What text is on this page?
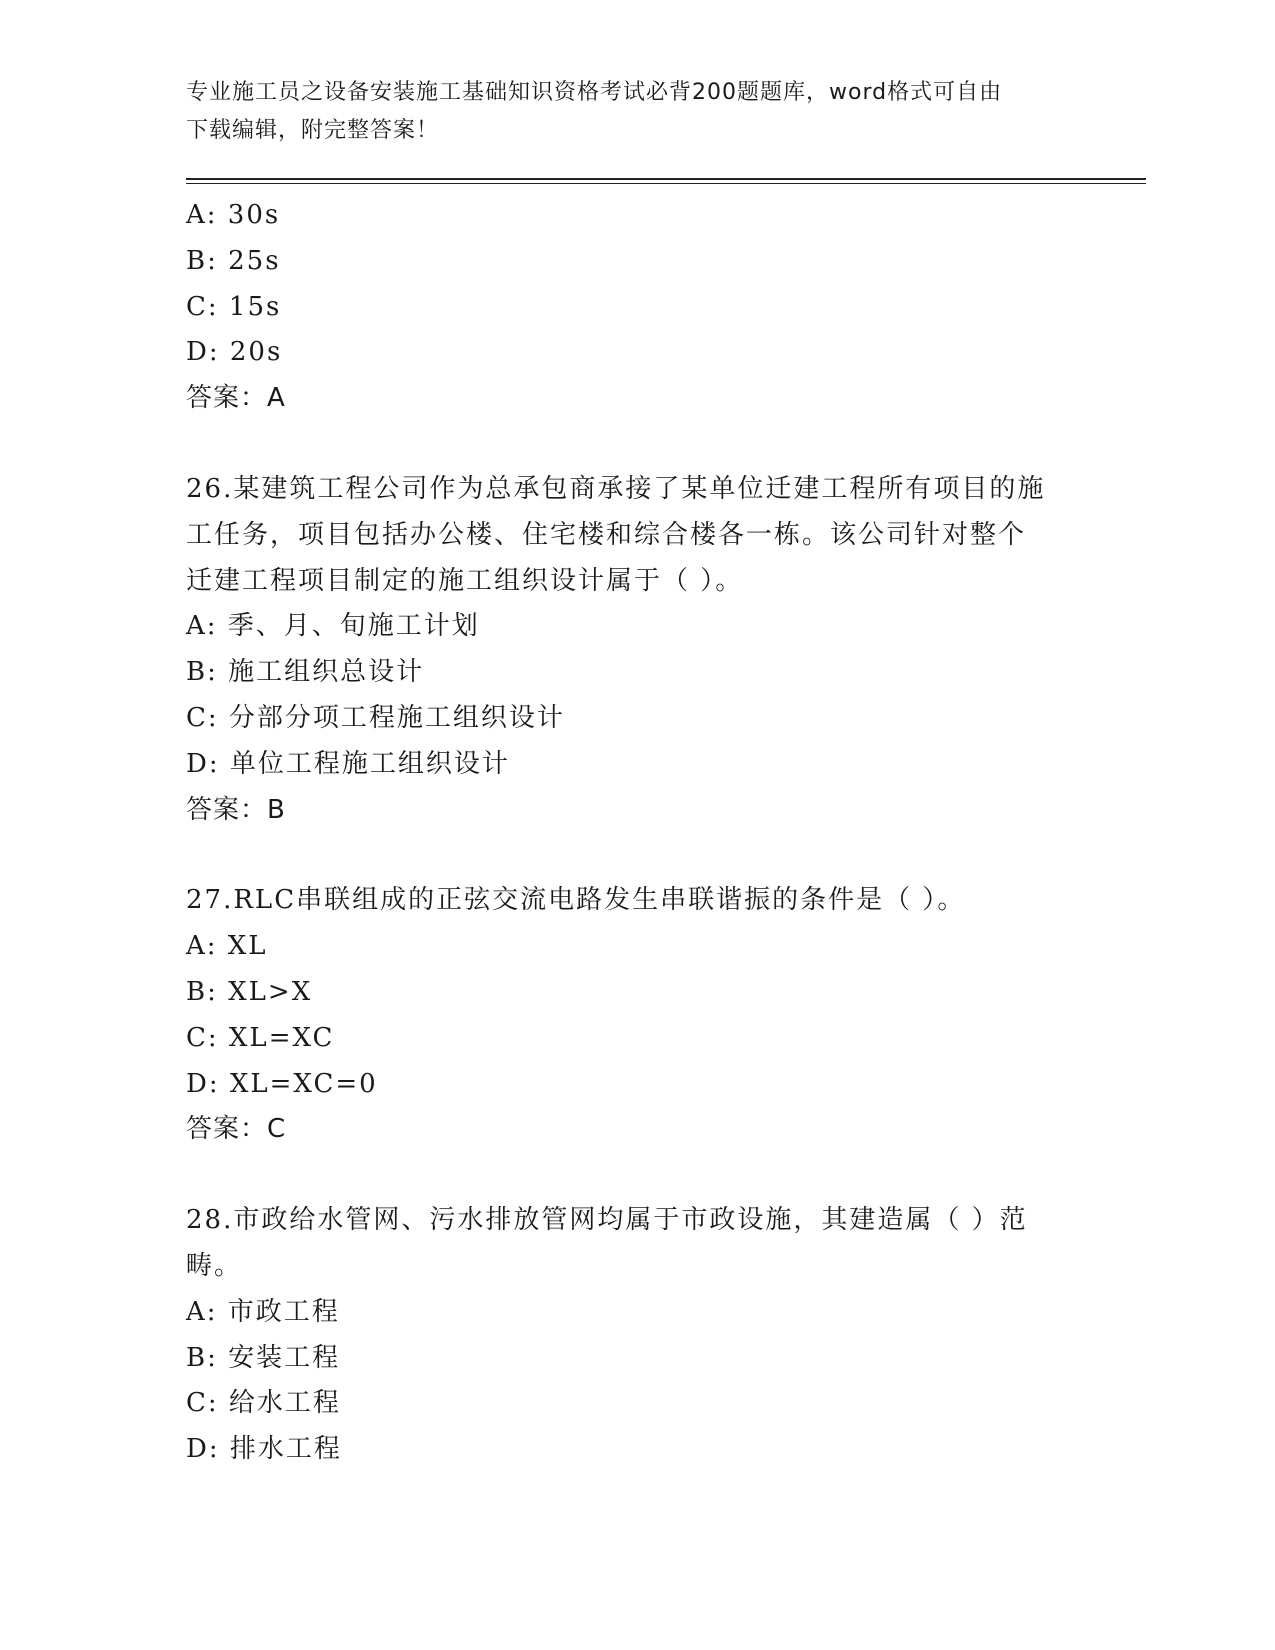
专业施工员之设备安装施工基础知识资格考试必背200题题库，word格式可自由
下载编辑，附完整答案！
A: 30s
B: 25s
C: 15s
D: 20s
答案：A
26.某建筑工程公司作为总承包商承接了某单位迁建工程所有项目的施
工任务，项目包括办公楼、住宅楼和综合楼各一栋。该公司针对整个
迁建工程项目制定的施工组织设计属于（ ）。
A: 季、月、旬施工计划
B: 施工组织总设计
C: 分部分项工程施工组织设计
D: 单位工程施工组织设计
答案：B
27.RLC串联组成的正弦交流电路发生串联谐振的条件是（ ）。
A: XL
B: XL>X
C: XL=XC
D: XL=XC=0
答案：C
28.市政给水管网、污水排放管网均属于市政设施，其建造属（ ）范
畴。
A: 市政工程
B: 安装工程
C: 给水工程
D: 排水工程
